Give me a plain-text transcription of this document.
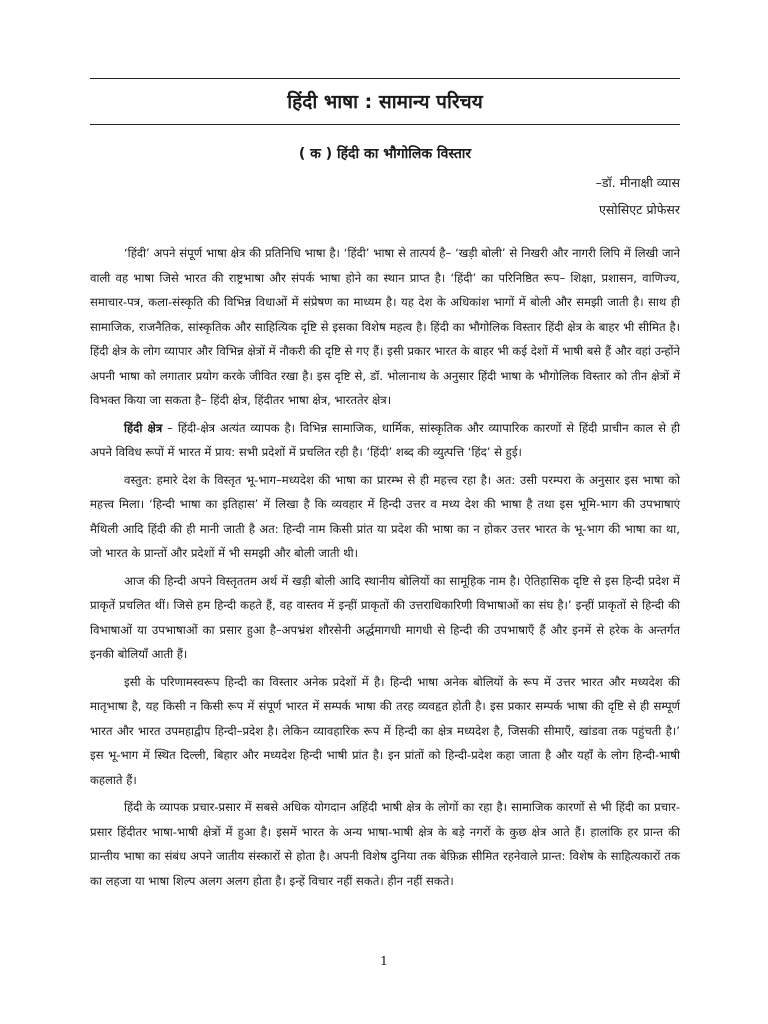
हिंदी भाषा : सामान्य परिचय
( क ) हिंदी का भौगोलिक विस्तार
–डॉ. मीनाक्षी व्यास
एसोसिएट प्रोफेसर

‘हिंदी’ अपने संपूर्ण भाषा क्षेत्र की प्रतिनिधि भाषा है। ‘हिंदी’ भाषा से तात्पर्य है– ‘खड़ी बोली’ से निखरी और नागरी लिपि में लिखी जाने वाली वह भाषा जिसे भारत की राष्ट्रभाषा और संपर्क भाषा होने का स्थान प्राप्त है। ‘हिंदी’ का परिनिष्ठित रूप– शिक्षा, प्रशासन, वाणिज्य, समाचार-पत्र, कला-संस्कृति की विभिन्न विधाओं में संप्रेषण का माध्यम है। यह देश के अधिकांश भागों में बोली और समझी जाती है। साथ ही सामाजिक, राजनैतिक, सांस्कृतिक और साहित्यिक दृष्टि से इसका विशेष महत्व है। हिंदी का भौगोलिक विस्तार हिंदी क्षेत्र के बाहर भी सीमित है। हिंदी क्षेत्र के लोग व्यापार और विभिन्न क्षेत्रों में नौकरी की दृष्टि से गए हैं। इसी प्रकार भारत के बाहर भी कई देशों में भाषी बसे हैं और वहां उन्होंने अपनी भाषा को लगातार प्रयोग करके जीवित रखा है। इस दृष्टि से, डॉ. भोलानाथ के अनुसार हिंदी भाषा के भौगोलिक विस्तार को तीन क्षेत्रों में विभक्त किया जा सकता है– हिंदी क्षेत्र, हिंदीतर भाषा क्षेत्र, भारततेर क्षेत्र।

हिंदी क्षेत्र – हिंदी-क्षेत्र अत्यंत व्यापक है। विभिन्न सामाजिक, धार्मिक, सांस्कृतिक और व्यापारिक कारणों से हिंदी प्राचीन काल से ही अपने विविध रूपों में भारत में प्राय: सभी प्रदेशों में प्रचलित रही है। ‘हिंदी’ शब्द की व्युत्पत्ति ‘हिंद’ से हुई।

वस्तुत: हमारे देश के विस्तृत भू-भाग–मध्यदेश की भाषा का प्रारम्भ से ही महत्त्व रहा है। अत: उसी परम्परा के अनुसार इस भाषा को महत्त्व मिला। ‘हिन्दी भाषा का इतिहास’ में लिखा है कि व्यवहार में हिन्दी उत्तर व मध्य देश की भाषा है तथा इस भूमि-भाग की उपभाषाएं मैथिली आदि हिंदी की ही मानी जाती है अत: हिन्दी नाम किसी प्रांत या प्रदेश की भाषा का न होकर उत्तर भारत के भू-भाग की भाषा का था, जो भारत के प्रान्तों और प्रदेशों में भी समझी और बोली जाती थी।

आज की हिन्दी अपने विस्तृततम अर्थ में खड़ी बोली आदि स्थानीय बोलियों का सामूहिक नाम है। ऐतिहासिक दृष्टि से इस हिन्दी प्रदेश में प्राकृतें प्रचलित थीं। जिसे हम हिन्दी कहते हैं, वह वास्तव में इन्हीं प्राकृतों की उत्तराधिकारिणी विभाषाओं का संघ है।’ इन्हीं प्राकृतों से हिन्दी की विभाषाओं या उपभाषाओं का प्रसार हुआ है–अपभ्रंश शौरसेनी अर्द्धमागधी मागधी से हिन्दी की उपभाषाएँ हैं और इनमें से हरेक के अन्तर्गत इनकी बोलियाँ आती हैं।

इसी के परिणामस्वरूप हिन्दी का विस्तार अनेक प्रदेशों में है। हिन्दी भाषा अनेक बोलियों के रूप में उत्तर भारत और मध्यदेश की मातृभाषा है, यह किसी न किसी रूप में संपूर्ण भारत में सम्पर्क भाषा की तरह व्यवहृत होती है। इस प्रकार सम्पर्क भाषा की दृष्टि से ही सम्पूर्ण भारत और भारत उपमहाद्वीप हिन्दी–प्रदेश है। लेकिन व्यावहारिक रूप में हिन्दी का क्षेत्र मध्यदेश है, जिसकी सीमाएँ, खांडवा तक पहुंचती है।’ इस भू-भाग में स्थित दिल्ली, बिहार और मध्यदेश हिन्दी भाषी प्रांत है। इन प्रांतों को हिन्दी-प्रदेश कहा जाता है और यहाँ के लोग हिन्दी-भाषी कहलाते हैं।

हिंदी के व्यापक प्रचार-प्रसार में सबसे अधिक योगदान अहिंदी भाषी क्षेत्र के लोगों का रहा है। सामाजिक कारणों से भी हिंदी का प्रचार-प्रसार हिंदीतर भाषा-भाषी क्षेत्रों में हुआ है। इसमें भारत के अन्य भाषा-भाषी क्षेत्र के बड़े नगरों के कुछ क्षेत्र आते हैं। हालांकि हर प्रान्त की प्रान्तीय भाषा का संबंध अपने जातीय संस्कारों से होता है। अपनी विशेष दुनिया तक बेफ़िक्र सीमित रहनेवाले प्रान्त: विशेष के साहित्यकारों तक का लहजा या भाषा शिल्प अलग अलग होता है। इन्हें विचार नहीं सकते। हीन नहीं सकते।

1
